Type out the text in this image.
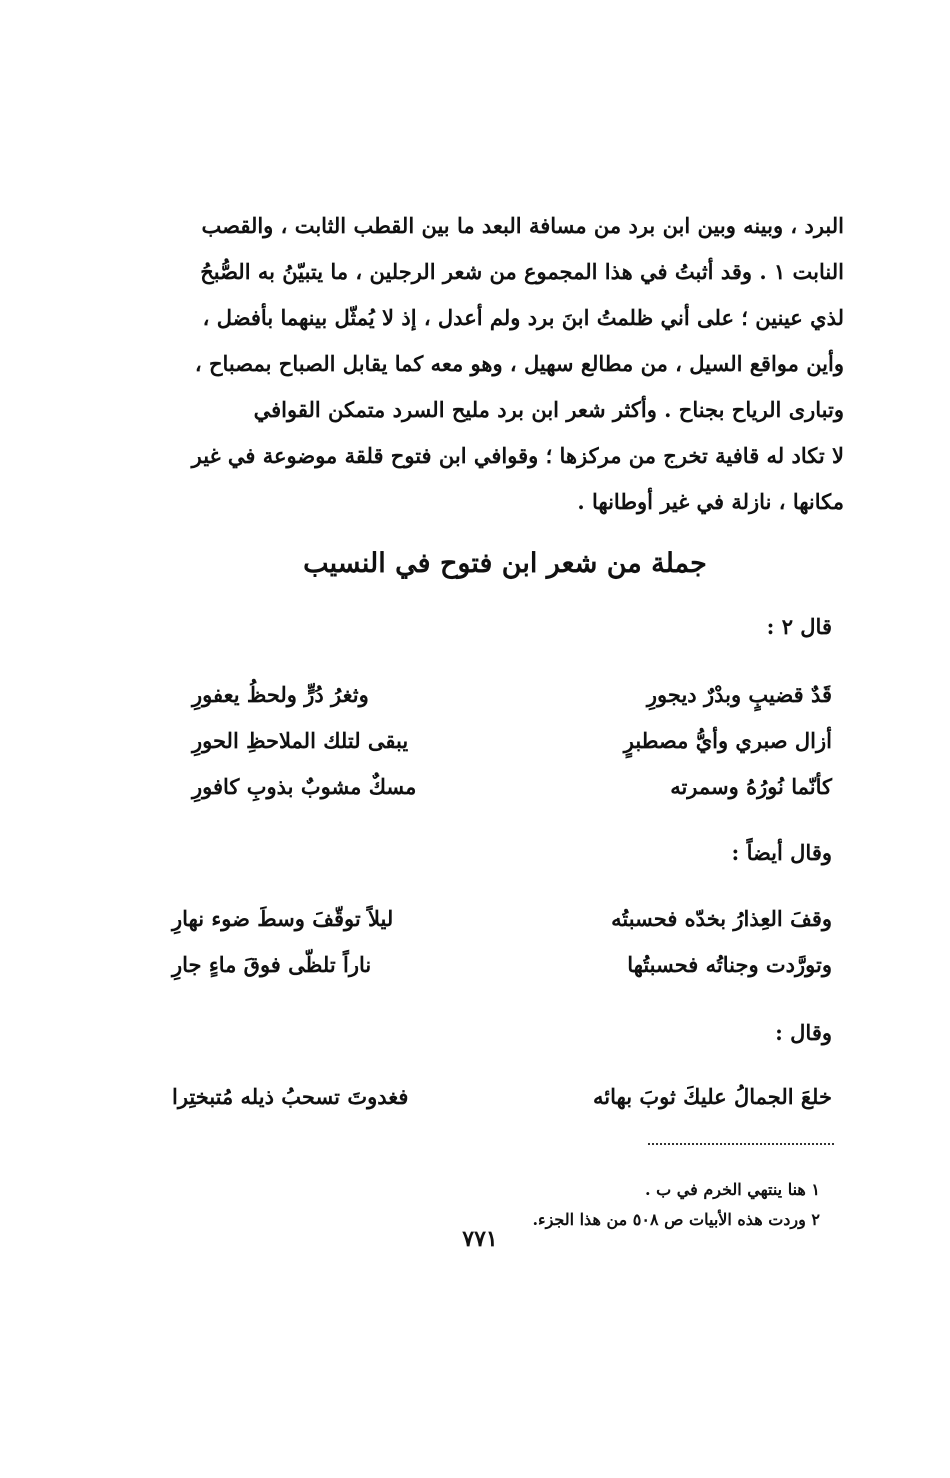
البرد ، وبينه وبين ابن برد من مسافة البعد ما بين القطب الثابت ، والقصب
النابت ١ . وقد أثبتُ في هذا المجموع من شعر الرجلين ، ما يتبيّنُ به الصُّبحُ
لذي عينين ؛ على أني ظلمتُ ابنَ برد ولم أعدل ، إذ لا يُمثّل بينهما بأفضل ،
وأين مواقع السيل ، من مطالع سهيل ، وهو معه كما يقابل الصباح بمصباح ،
وتبارى الرياح بجناح . وأكثر شعر ابن برد مليح السرد متمكن القوافي
لا تكاد له قافية تخرج من مركزها ؛ وقوافي ابن فتوح قلقة موضوعة في غير
مكانها ، نازلة في غير أوطانها .

جملة من شعر ابن فتوح في النسيب

قال ٢ :

قَدٌ قضيبٍ وبدْرٌ ديجورِ
وثغرُ دُرٍّ ولحظُ يعفورِ
أزال صبري وأيُّ مصطبرٍ
يبقى لتلك الملاحظِ الحورِ
كأنّما نُورُهُ وسمرته
مسكٌ مشوبٌ بذوبِ كافورِ

وقال أيضاً :

وقفَ العِذارُ بخدّه فحسبتُه
ليلاً توقّفَ وسطَ ضوء نهارِ
وتورَّدت وجناتُه فحسبتُها
ناراً تلظّى فوقَ ماءٍ جارِ

وقال :

خلعَ الجمالُ عليكَ ثوبَ بهائه
فغدوتَ تسحبُ ذيله مُتبختِرا
١ هنا ينتهي الخرم في ب .
٢ وردت هذه الأبيات ص ٥٠٨ من هذا الجزء.
٧٧١
